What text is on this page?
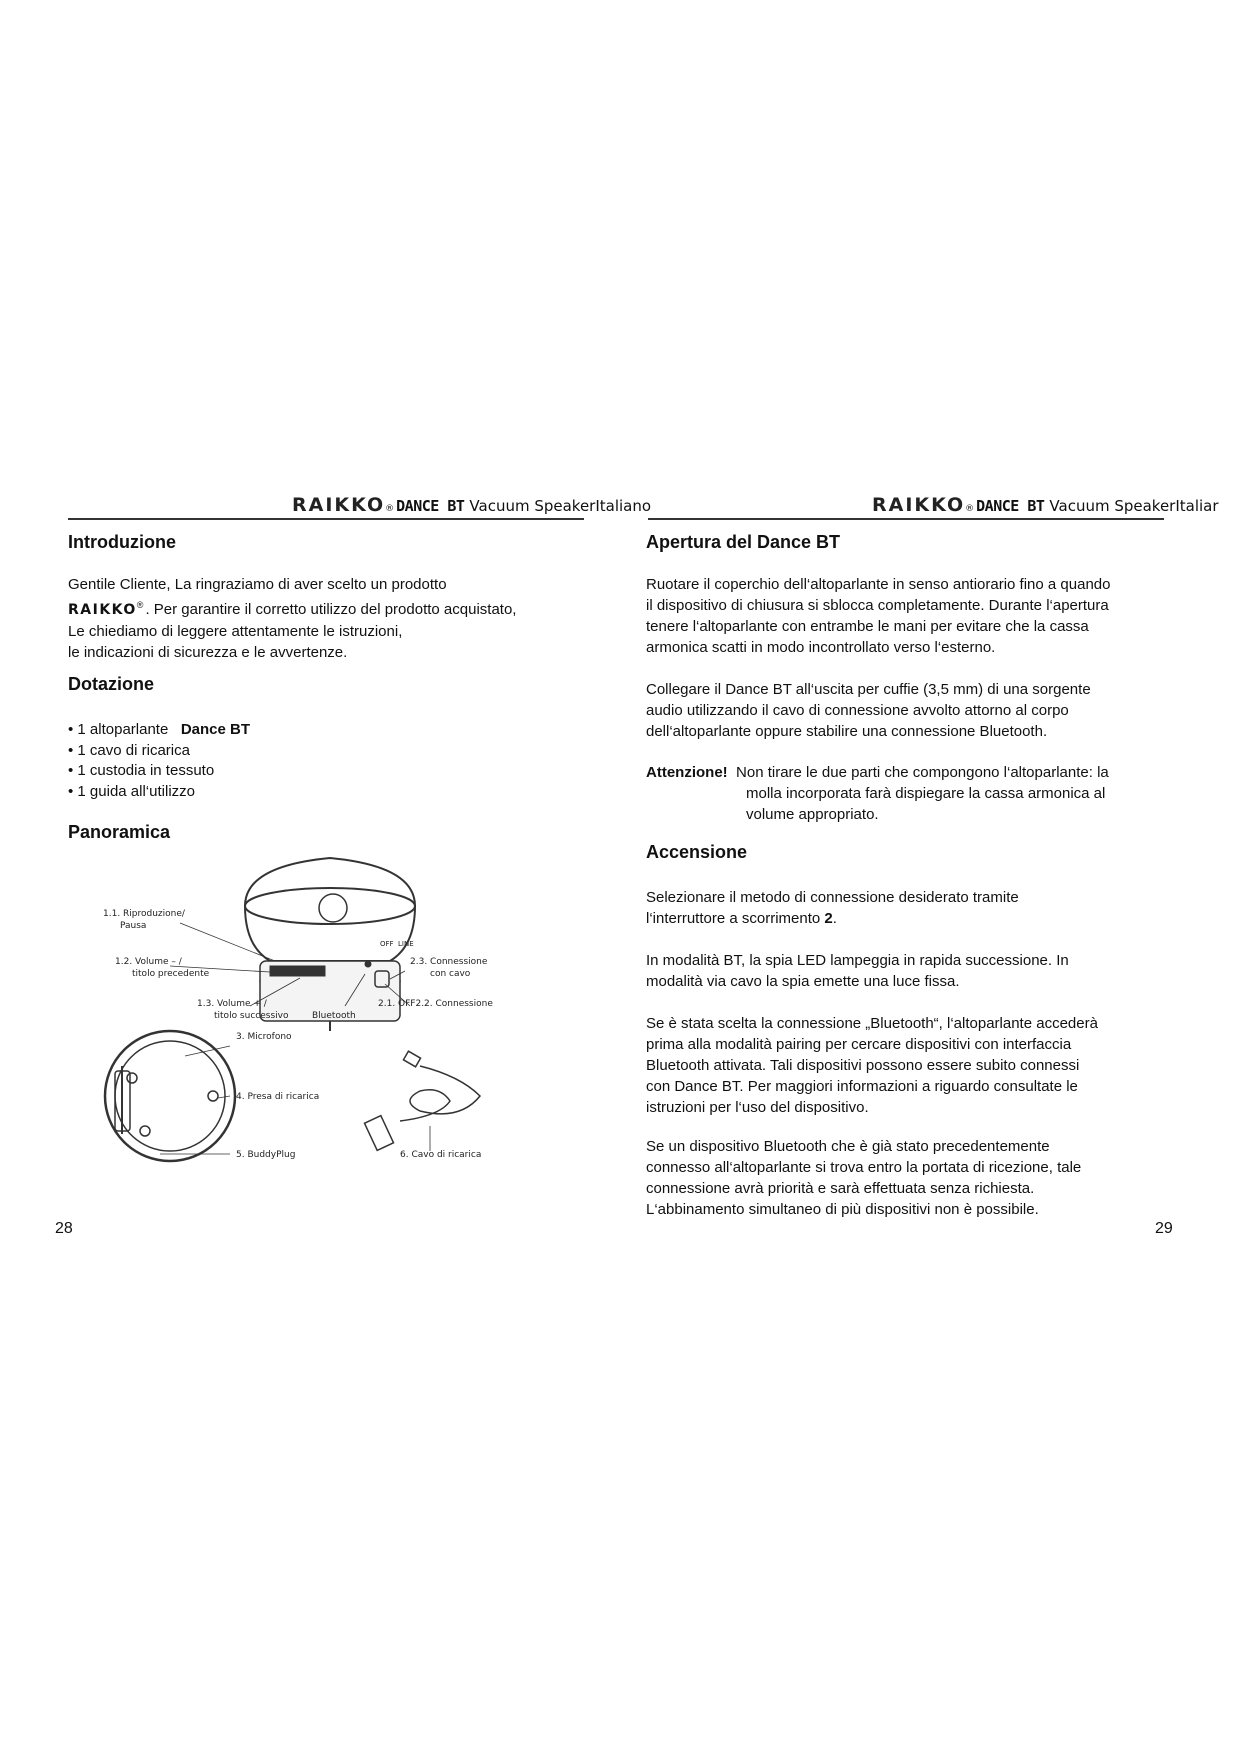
RAIKKO ® DANCE BT Vacuum SpeakerItaliano
Introduzione

Gentile Cliente, La ringraziamo di aver scelto un prodotto
RAIKKO® . Per garantire il corretto utilizzo del prodotto acquistato,
Le chiediamo di leggere attentamente le istruzioni,
le indicazioni di sicurezza e le avvertenze.

Dotazione
• 1 altoparlante Dance BT
• 1 cavo di ricarica
• 1 custodia in tessuto
• 1 guida all‘utilizzo
Panoramica
1.1. Riproduzione/
Pausa
1.2. Volume – /
titolo precedente
1.3. Volume + /
titolo successivo	Bluetooth
2.1. OFF2.2. Connessione
2.3. Connessione
con cavo
OFF LINE
3. Microfono
4. Presa di ricarica
5. BuddyPlug	6. Cavo di ricarica
28
RAIKKO ® DANCE BT Vacuum SpeakerItaliar
Apertura del Dance BT

Ruotare il coperchio dell‘altoparlante in senso antiorario fino a quando
il dispositivo di chiusura si sblocca completamente. Durante l‘apertura
tenere l‘altoparlante con entrambe le mani per evitare che la cassa
armonica scatti in modo incontrollato verso l‘esterno.

Collegare il Dance BT all‘uscita per cuffie (3,5 mm) di una sorgente
audio utilizzando il cavo di connessione avvolto attorno al corpo
dell‘altoparlante oppure stabilire una connessione Bluetooth.

Attenzione! Non tirare le due parti che compongono l‘altoparlante: la
molla incorporata farà dispiegare la cassa armonica al
volume appropriato.

Accensione

Selezionare il metodo di connessione desiderato tramite
l‘interruttore a scorrimento 2.

In modalità BT, la spia LED lampeggia in rapida successione. In
modalità via cavo la spia emette una luce fissa.

Se è stata scelta la connessione „Bluetooth“, l‘altoparlante accederà
prima alla modalità pairing per cercare dispositivi con interfaccia
Bluetooth attivata. Tali dispositivi possono essere subito connessi
con Dance BT. Per maggiori informazioni a riguardo consultate le
istruzioni per l‘uso del dispositivo.

Se un dispositivo Bluetooth che è già stato precedentemente
connesso all‘altoparlante si trova entro la portata di ricezione, tale
connessione avrà priorità e sarà effettuata senza richiesta.
L‘abbinamento simultaneo di più dispositivi non è possibile.

29
